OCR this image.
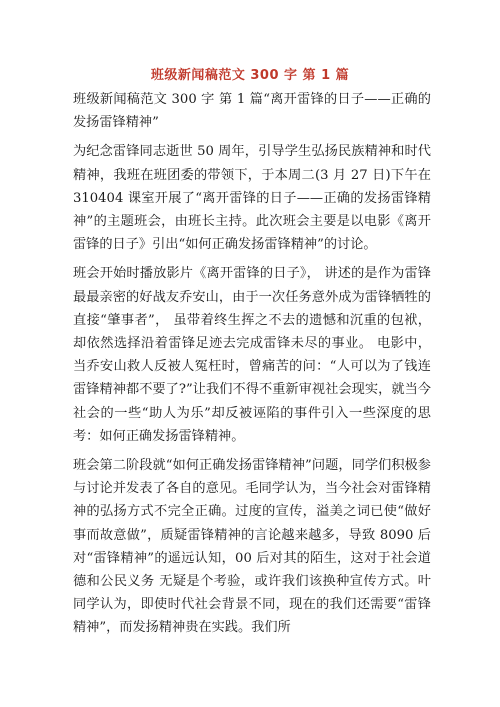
班级新闻稿范文 300 字 第 1 篇

班级新闻稿范文 300 字 第 1 篇“离开雷锋的日子——正确的发扬雷锋精神”

为纪念雷锋同志逝世 50 周年，引导学生弘扬民族精神和时代精神，我班在班团委的带领下，于本周二(3 月 27 日)下午在 310404 课室开展了“离开雷锋的日子——正确的发扬雷锋精神”的主题班会，由班长主持。此次班会主要是以电影《离开雷锋的日子》引出“如何正确发扬雷锋精神”的讨论。

班会开始时播放影片《离开雷锋的日子》， 讲述的是作为雷锋最最亲密的好战友乔安山，由于一次任务意外成为雷锋牺牲的直接“肇事者”， 虽带着终生挥之不去的遗憾和沉重的包袱，却依然选择沿着雷锋足迹去完成雷锋未尽的事业。 电影中，当乔安山救人反被人冤枉时，曾痛苦的问：“人可以为了钱连雷锋精神都不要了?”让我们不得不重新审视社会现实，就当今社会的一些“助人为乐”却反被诬陷的事件引入一些深度的思考：如何正确发扬雷锋精神。

班会第二阶段就“如何正确发扬雷锋精神”问题，同学们积极参与讨论并发表了各自的意见。毛同学认为，当今社会对雷锋精神的弘扬方式不完全正确。过度的宣传，溢美之词已使“做好事而故意做”，质疑雷锋精神的言论越来越多，导致 8090 后对“雷锋精神”的遥远认知，00 后对其的陌生，这对于社会道德和公民义务 无疑是个考验，或许我们该换种宣传方式。叶同学认为，即使时代社会背景不同，现在的我们还需要“雷锋精神”，而发扬精神贵在实践。我们所
